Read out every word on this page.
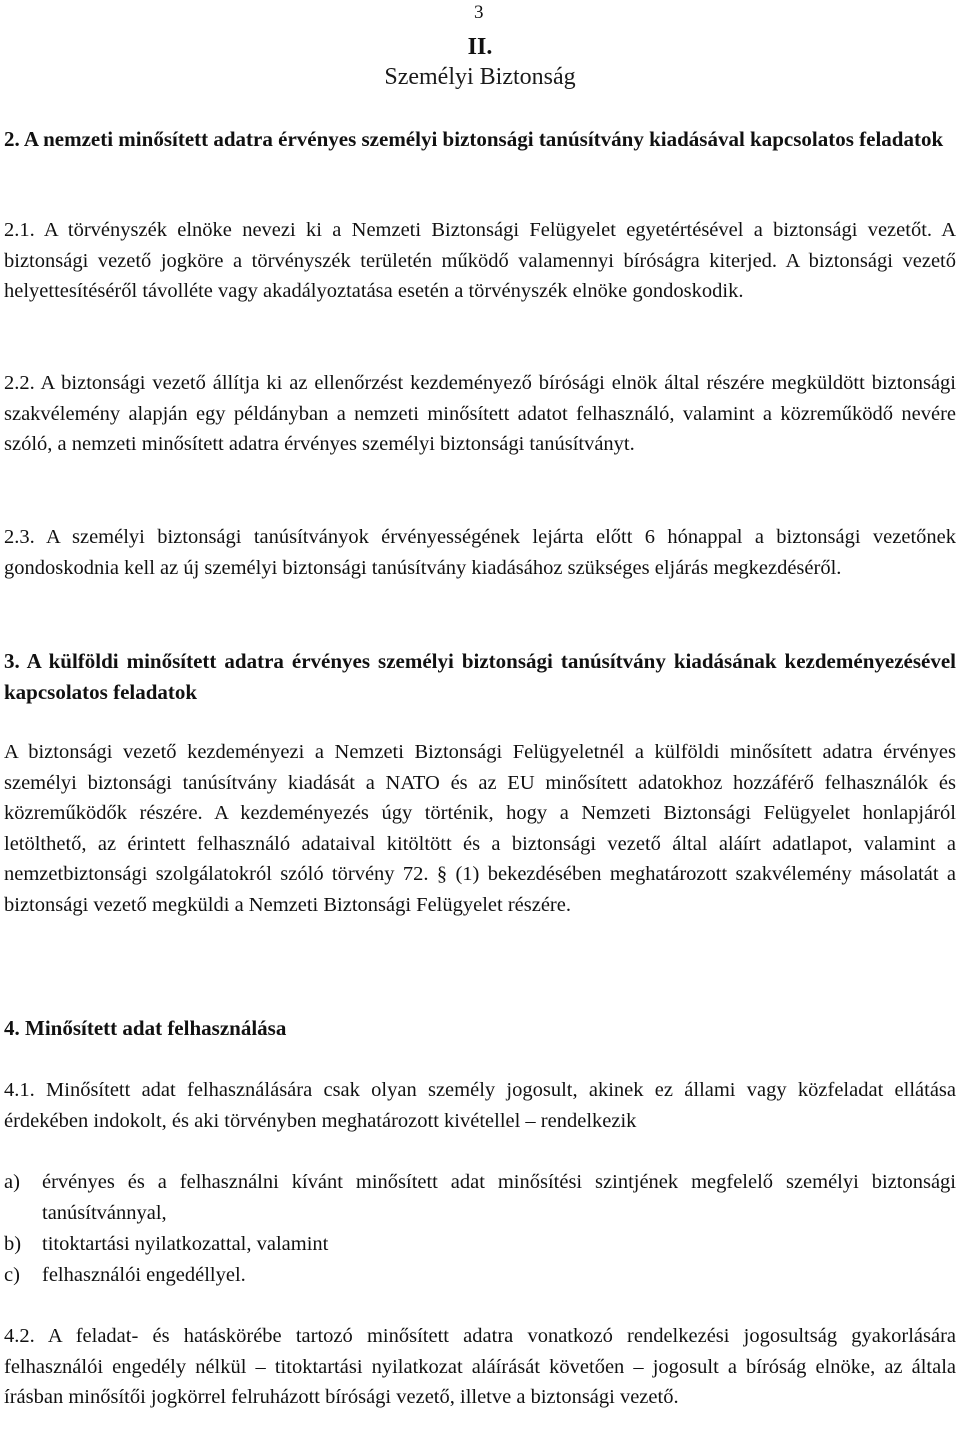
3
II.
Személyi Biztonság
2. A nemzeti minősített adatra érvényes személyi biztonsági tanúsítvány kiadásával kapcsolatos feladatok
2.1. A törvényszék elnöke nevezi ki a Nemzeti Biztonsági Felügyelet egyetértésével a biztonsági vezetőt. A biztonsági vezető jogköre a törvényszék területén működő valamennyi bíróságra kiterjed. A biztonsági vezető helyettesítéséről távolléte vagy akadályoztatása esetén a törvényszék elnöke gondoskodik.
2.2. A biztonsági vezető állítja ki az ellenőrzést kezdeményező bírósági elnök által részére megküldött biztonsági szakvélemény alapján egy példányban a nemzeti minősített adatot felhasználó, valamint a közreműködő nevére szóló, a nemzeti minősített adatra érvényes személyi biztonsági tanúsítványt.
2.3. A személyi biztonsági tanúsítványok érvényességének lejárta előtt 6 hónappal a biztonsági vezetőnek gondoskodnia kell az új személyi biztonsági tanúsítvány kiadásához szükséges eljárás megkezdéséről.
3. A külföldi minősített adatra érvényes személyi biztonsági tanúsítvány kiadásának kezdeményezésével kapcsolatos feladatok
A biztonsági vezető kezdeményezi a Nemzeti Biztonsági Felügyeletnél a külföldi minősített adatra érvényes személyi biztonsági tanúsítvány kiadását a NATO és az EU minősített adatokhoz hozzáférő felhasználók és közreműködők részére. A kezdeményezés úgy történik, hogy a Nemzeti Biztonsági Felügyelet honlapjáról letölthető, az érintett felhasználó adataival kitöltött és a biztonsági vezető által aláírt adatlapot, valamint a nemzetbiztonsági szolgálatokról szóló törvény 72. § (1) bekezdésében meghatározott szakvélemény másolatát a biztonsági vezető megküldi a Nemzeti Biztonsági Felügyelet részére.
4. Minősített adat felhasználása
4.1. Minősített adat felhasználására csak olyan személy jogosult, akinek ez állami vagy közfeladat ellátása érdekében indokolt, és aki törvényben meghatározott kivétellel – rendelkezik
a) érvényes és a felhasználni kívánt minősített adat minősítési szintjének megfelelő személyi biztonsági tanúsítvánnyal,
b) titoktartási nyilatkozattal, valamint
c) felhasználói engedéllyel.
4.2. A feladat- és hatáskörébe tartozó minősített adatra vonatkozó rendelkezési jogosultság gyakorlására felhasználói engedély nélkül – titoktartási nyilatkozat aláírását követően – jogosult a bíróság elnöke, az általa írásban minősítői jogkörrel felruházott bírósági vezető, illetve a biztonsági vezető.
